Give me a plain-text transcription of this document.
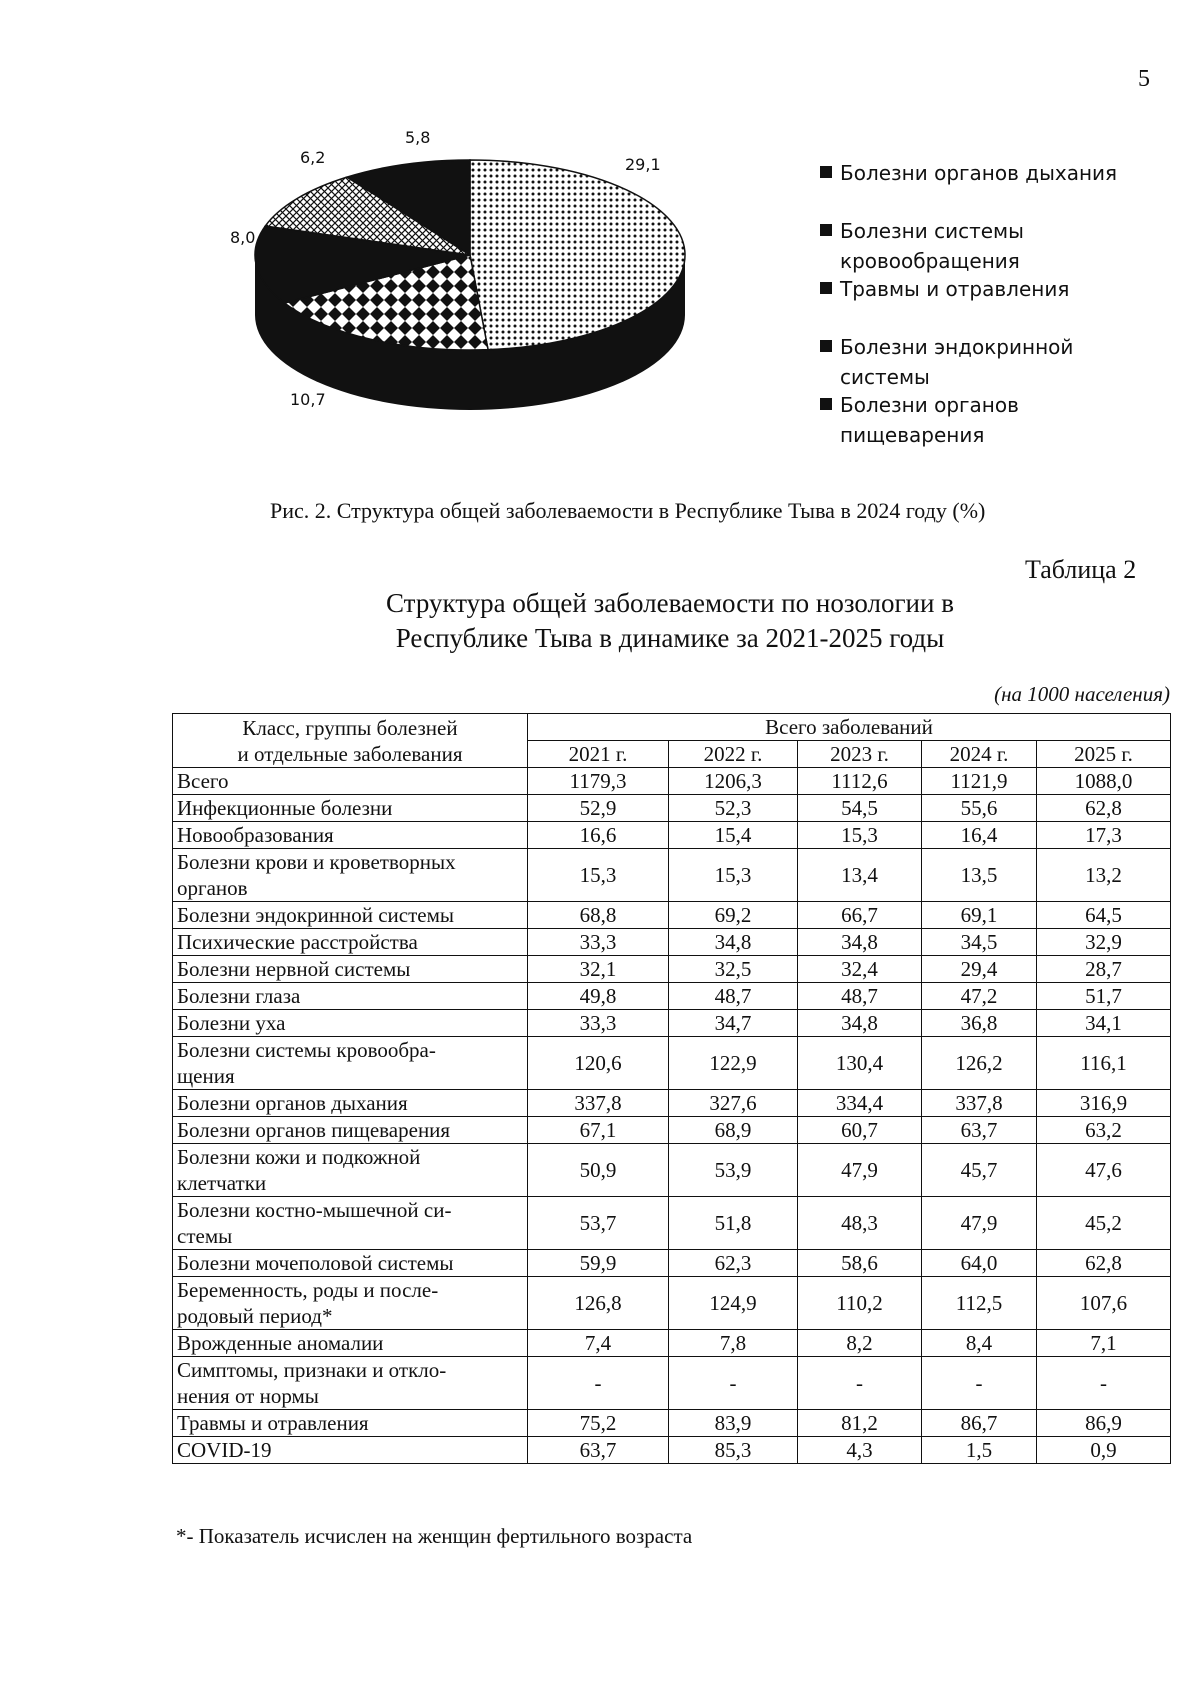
5
29,1
10,7
8,0
6,2
5,8
Болезни органов дыхания
Болезни системы
кровообращения
Травмы и отравления
Болезни эндокринной
системы
Болезни органов
пищеварения
Рис. 2. Структура общей заболеваемости в Республике Тыва в 2024 году (%)
Таблица 2
Структура общей заболеваемости по нозологии в
Республике Тыва в динамике за 2021-2025 годы
(на 1000 населения)
Класс, группы болезней
и отдельные заболевания	Всего заболеваний				
	2021 г.	2022 г.	2023 г.	2024 г.	2025 г.

Всего	1179,3	1206,3	1112,6	1121,9	1088,0

Инфекционные болезни	52,9	52,3	54,5	55,6	62,8

Новообразования	16,6	15,4	15,3	16,4	17,3

Болезни крови и кроветворных
органов	15,3	15,3	13,4	13,5	13,2

Болезни эндокринной системы	68,8	69,2	66,7	69,1	64,5

Психические расстройства	33,3	34,8	34,8	34,5	32,9

Болезни нервной системы	32,1	32,5	32,4	29,4	28,7

Болезни глаза	49,8	48,7	48,7	47,2	51,7

Болезни уха	33,3	34,7	34,8	36,8	34,1

Болезни системы кровообра-
щения	120,6	122,9	130,4	126,2	116,1

Болезни органов дыхания	337,8	327,6	334,4	337,8	316,9

Болезни органов пищеварения	67,1	68,9	60,7	63,7	63,2

Болезни кожи и подкожной
клетчатки	50,9	53,9	47,9	45,7	47,6

Болезни костно-мышечной си-
стемы	53,7	51,8	48,3	47,9	45,2

Болезни мочеполовой системы	59,9	62,3	58,6	64,0	62,8

Беременность, роды и после-
родовый период*	126,8	124,9	110,2	112,5	107,6

Врожденные аномалии	7,4	7,8	8,2	8,4	7,1

Симптомы, признаки и откло-
нения от нормы	-	-	-	-	-

Травмы и отравления	75,2	83,9	81,2	86,7	86,9

COVID-19	63,7	85,3	4,3	1,5	0,9
*- Показатель исчислен на женщин фертильного возраста
